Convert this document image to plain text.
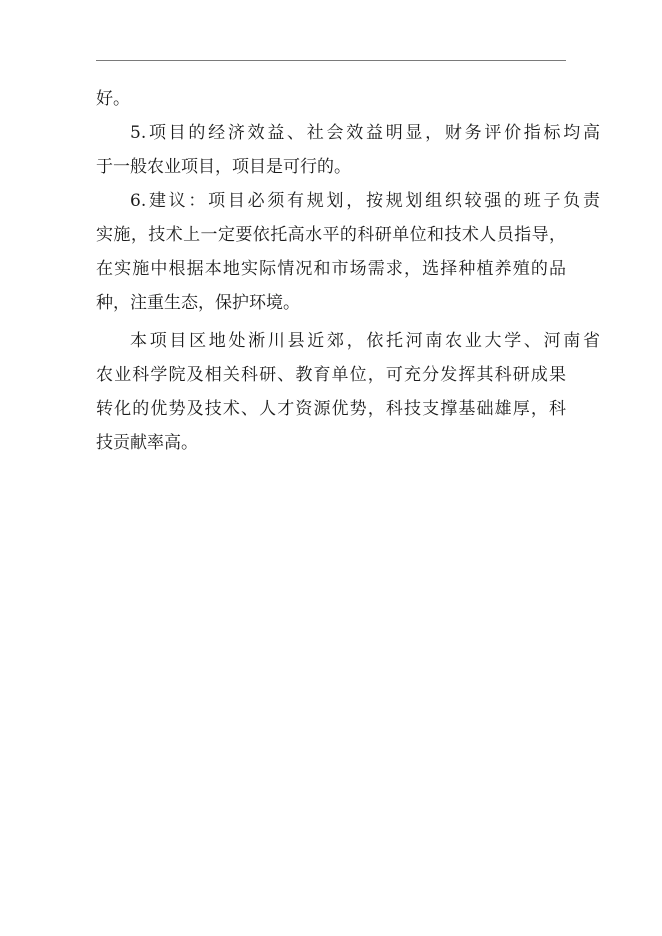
好。
5.项目的经济效益、社会效益明显，财务评价指标均高
于一般农业项目，项目是可行的。
6.建议：项目必须有规划，按规划组织较强的班子负责
实施，技术上一定要依托高水平的科研单位和技术人员指导，
在实施中根据本地实际情况和市场需求，选择种植养殖的品
种，注重生态，保护环境。
本项目区地处淅川县近郊，依托河南农业大学、河南省
农业科学院及相关科研、教育单位，可充分发挥其科研成果
转化的优势及技术、人才资源优势，科技支撑基础雄厚，科
技贡献率高。
